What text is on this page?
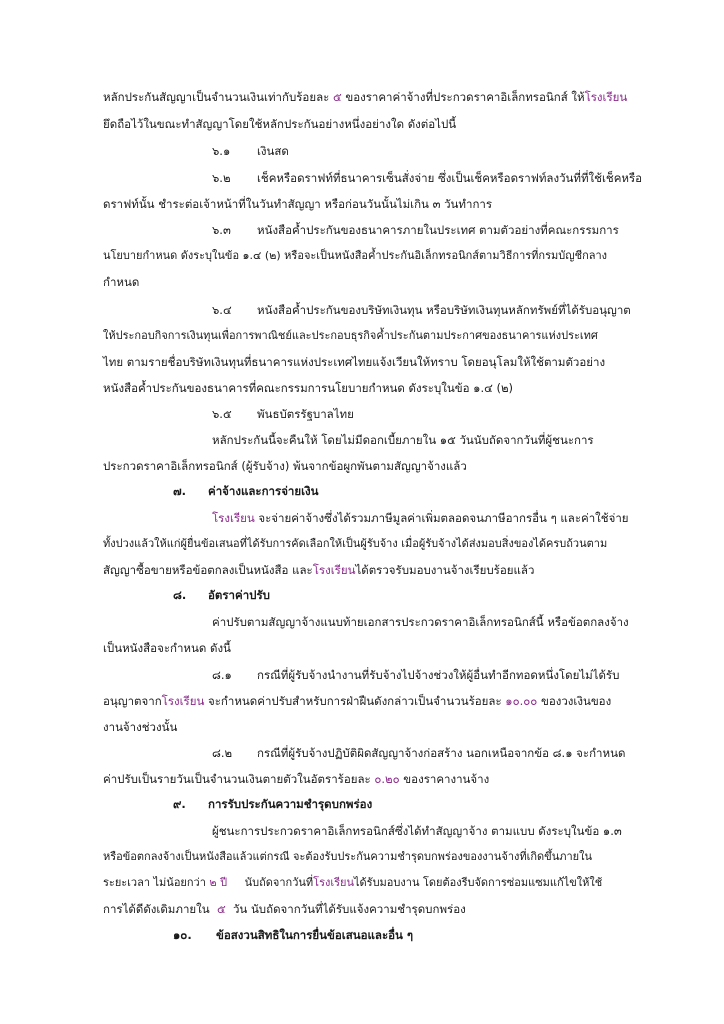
หลักประกันสัญญาเป็นจำนวนเงินเท่ากับร้อยละ ๕ ของราคาค่าจ้างที่ประกวดราคาอิเล็กทรอนิกส์ ให้โรงเรียน
ยึดถือไว้ในขณะทำสัญญาโดยใช้หลักประกันอย่างหนึ่งอย่างใด ดังต่อไปนี้
๖.๑ เงินสด
๖.๒ เช็คหรือดราฟท์ที่ธนาคารเซ็นสั่งจ่าย ซึ่งเป็นเช็คหรือดราฟท์ลงวันที่ที่ใช้เช็คหรือ
ดราฟท์นั้น ชำระต่อเจ้าหน้าที่ในวันทำสัญญา หรือก่อนวันนั้นไม่เกิน ๓ วันทำการ
๖.๓ หนังสือค้ำประกันของธนาคารภายในประเทศ ตามตัวอย่างที่คณะกรรมการ
นโยบายกำหนด ดังระบุในข้อ ๑.๔ (๒) หรือจะเป็นหนังสือค้ำประกันอิเล็กทรอนิกส์ตามวิธีการที่กรมบัญชีกลาง
กำหนด
๖.๔ หนังสือค้ำประกันของบริษัทเงินทุน หรือบริษัทเงินทุนหลักทรัพย์ที่ได้รับอนุญาต
ให้ประกอบกิจการเงินทุนเพื่อการพาณิชย์และประกอบธุรกิจค้ำประกันตามประกาศของธนาคารแห่งประเทศ
ไทย ตามรายชื่อบริษัทเงินทุนที่ธนาคารแห่งประเทศไทยแจ้งเวียนให้ทราบ โดยอนุโลมให้ใช้ตามตัวอย่าง
หนังสือค้ำประกันของธนาคารที่คณะกรรมการนโยบายกำหนด ดังระบุในข้อ ๑.๔ (๒)
๖.๕ พันธบัตรรัฐบาลไทย
หลักประกันนี้จะคืนให้ โดยไม่มีดอกเบี้ยภายใน ๑๕ วันนับถัดจากวันที่ผู้ชนะการ
ประกวดราคาอิเล็กทรอนิกส์ (ผู้รับจ้าง) พ้นจากข้อผูกพันตามสัญญาจ้างแล้ว
๗. ค่าจ้างและการจ่ายเงิน
โรงเรียน จะจ่ายค่าจ้างซึ่งได้รวมภาษีมูลค่าเพิ่มตลอดจนภาษีอากรอื่น ๆ และค่าใช้จ่าย
ทั้งปวงแล้วให้แก่ผู้ยื่นข้อเสนอที่ได้รับการคัดเลือกให้เป็นผู้รับจ้าง เมื่อผู้รับจ้างได้ส่งมอบสิ่งของได้ครบถ้วนตาม
สัญญาซื้อขายหรือข้อตกลงเป็นหนังสือ และโรงเรียนได้ตรวจรับมอบงานจ้างเรียบร้อยแล้ว
๘. อัตราค่าปรับ
ค่าปรับตามสัญญาจ้างแนบท้ายเอกสารประกวดราคาอิเล็กทรอนิกส์นี้ หรือข้อตกลงจ้าง
เป็นหนังสือจะกำหนด ดังนี้
๘.๑ กรณีที่ผู้รับจ้างนำงานที่รับจ้างไปจ้างช่วงให้ผู้อื่นทำอีกทอดหนึ่งโดยไม่ได้รับ
อนุญาตจากโรงเรียน จะกำหนดค่าปรับสำหรับการฝ่าฝืนดังกล่าวเป็นจำนวนร้อยละ ๑๐.๐๐ ของวงเงินของ
งานจ้างช่วงนั้น
๘.๒ กรณีที่ผู้รับจ้างปฏิบัติผิดสัญญาจ้างก่อสร้าง นอกเหนือจากข้อ ๘.๑ จะกำหนด
ค่าปรับเป็นรายวันเป็นจำนวนเงินตายตัวในอัตราร้อยละ ๐.๒๐ ของราคางานจ้าง
๙. การรับประกันความชำรุดบกพร่อง
ผู้ชนะการประกวดราคาอิเล็กทรอนิกส์ซึ่งได้ทำสัญญาจ้าง ตามแบบ ดังระบุในข้อ ๑.๓
หรือข้อตกลงจ้างเป็นหนังสือแล้วแต่กรณี จะต้องรับประกันความชำรุดบกพร่องของงานจ้างที่เกิดขึ้นภายใน
ระยะเวลา ไม่น้อยกว่า ๒ ปี     นับถัดจากวันที่โรงเรียนได้รับมอบงาน โดยต้องรีบจัดการซ่อมแซมแก้ไขให้ใช้
การได้ดีดังเดิมภายใน  ๕  วัน นับถัดจากวันที่ได้รับแจ้งความชำรุดบกพร่อง
๑๐. ข้อสงวนสิทธิในการยื่นข้อเสนอและอื่น ๆ
